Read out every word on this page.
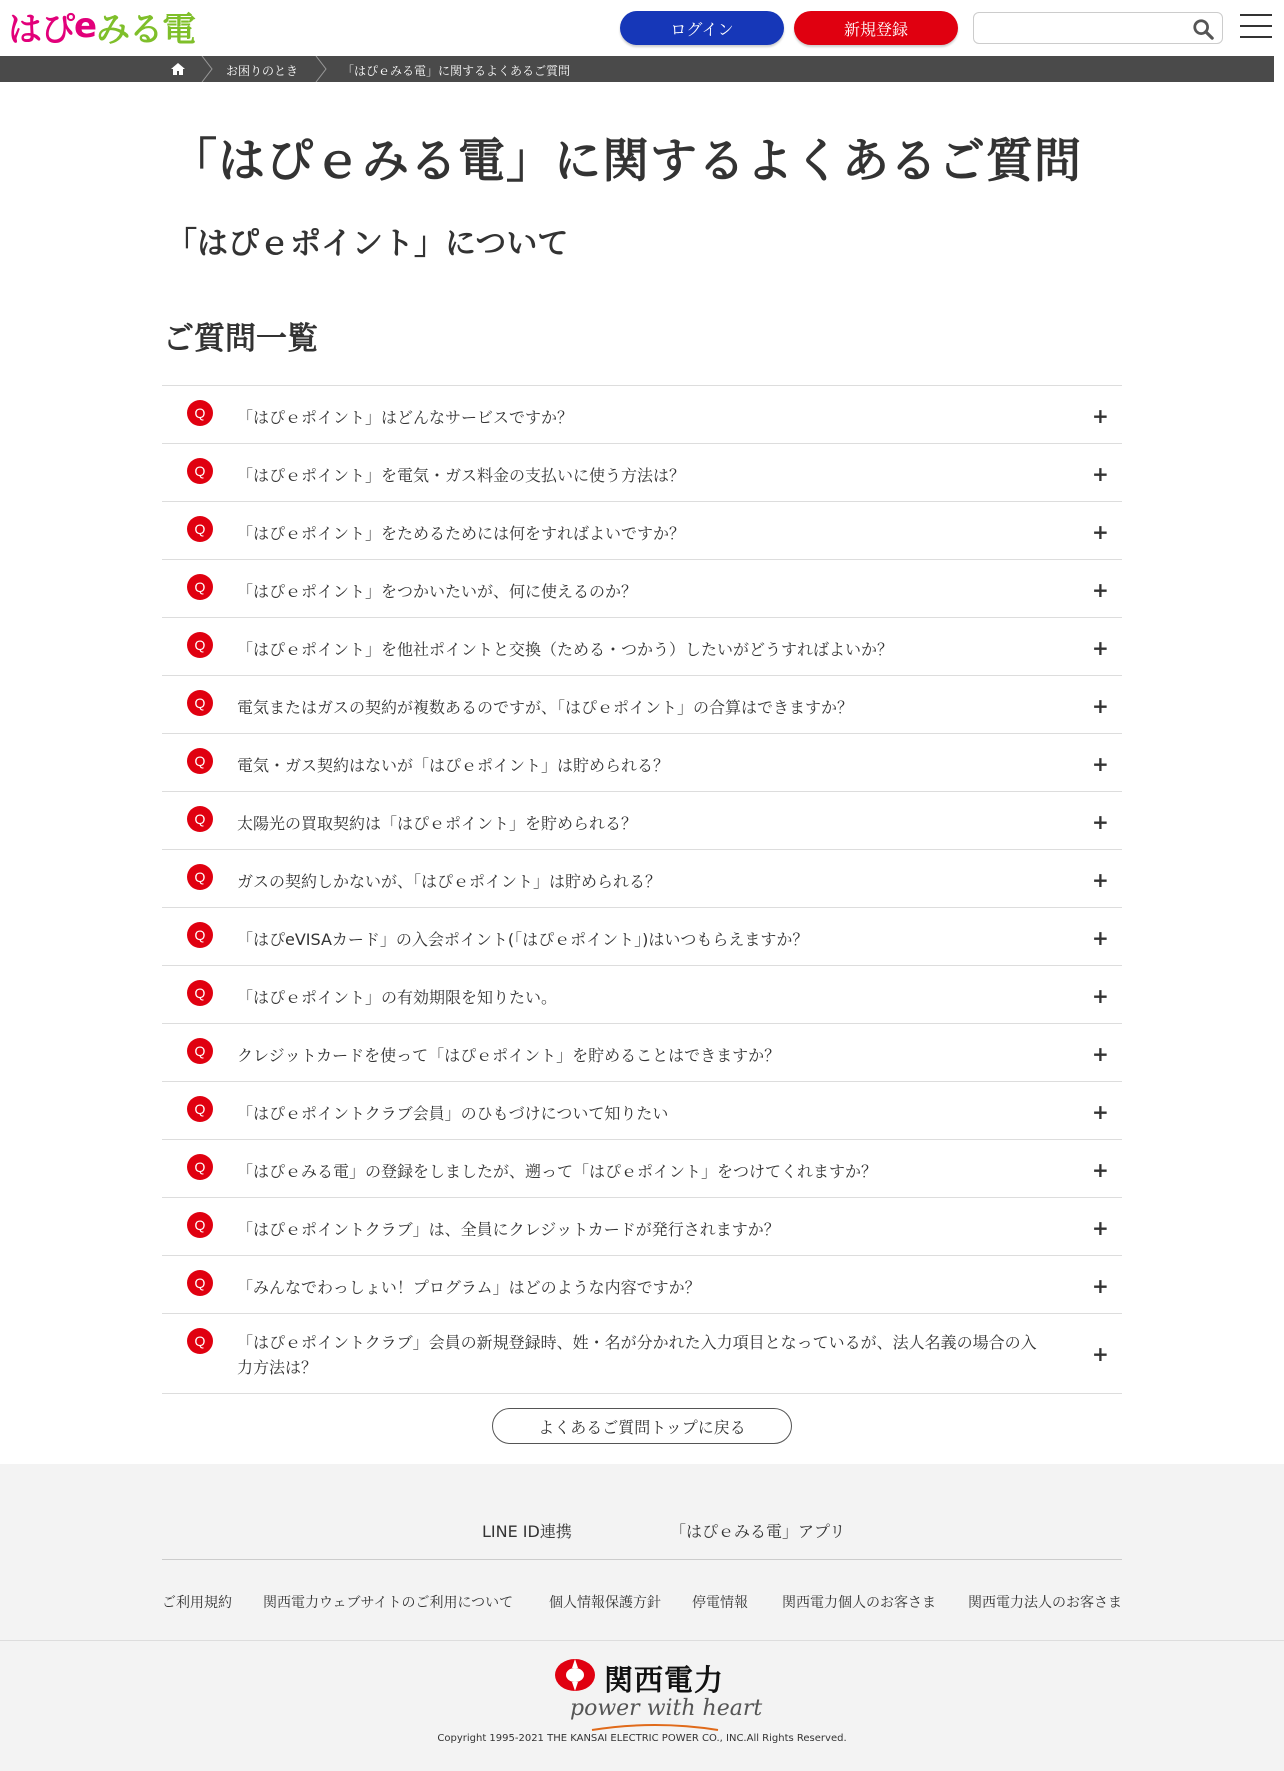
は ぴ e み る 電	ログイン	新規登録
お困りのとき	「はぴｅみる電」に関するよくあるご質問
「はぴｅみる電」に関するよくあるご質問
「はぴｅポイント」について
ご質問一覧
Q	「はぴｅポイント」はどんなサービスですか？	+
Q	「はぴｅポイント」を電気・ガス料金の支払いに使う方法は？	+
Q	「はぴｅポイント」をためるためには何をすればよいですか？	+
Q	「はぴｅポイント」をつかいたいが、何に使えるのか？	+
Q	「はぴｅポイント」を他社ポイントと交換（ためる・つかう）したいがどうすればよいか？	+
Q	電気またはガスの契約が複数あるのですが、「はぴｅポイント」の合算はできますか？	+
Q	電気・ガス契約はないが「はぴｅポイント」は貯められる？	+
Q	太陽光の買取契約は「はぴｅポイント」を貯められる？	+
Q	ガスの契約しかないが、「はぴｅポイント」は貯められる？	+
Q	「はぴeVISAカード」の入会ポイント(「はぴｅポイント」)はいつもらえますか？	+
Q	「はぴｅポイント」の有効期限を知りたい。	+
Q	クレジットカードを使って「はぴｅポイント」を貯めることはできますか？	+
Q	「はぴｅポイントクラブ会員」のひもづけについて知りたい	+
Q	「はぴｅみる電」の登録をしましたが、遡って「はぴｅポイント」をつけてくれますか？	+
Q	「はぴｅポイントクラブ」は、全員にクレジットカードが発行されますか？	+
Q	「みんなでわっしょい！プログラム」はどのような内容ですか？	+
Q	「はぴｅポイントクラブ」会員の新規登録時、姓・名が分かれた入力項目となっているが、法人名義の場合の入力方法は？
+
よくあるご質問トップに戻る
LINE ID連携	「はぴｅみる電」アプリ
ご利用規約 関西電力ウェブサイトのご利用について	個人情報保護方針 停電情報 関西電力個人のお客さま 関西電力法人のお客さま
関西電力
power with heart
Copyright 1995-2021 THE KANSAI ELECTRIC POWER CO., INC.All Rights Reserved.
